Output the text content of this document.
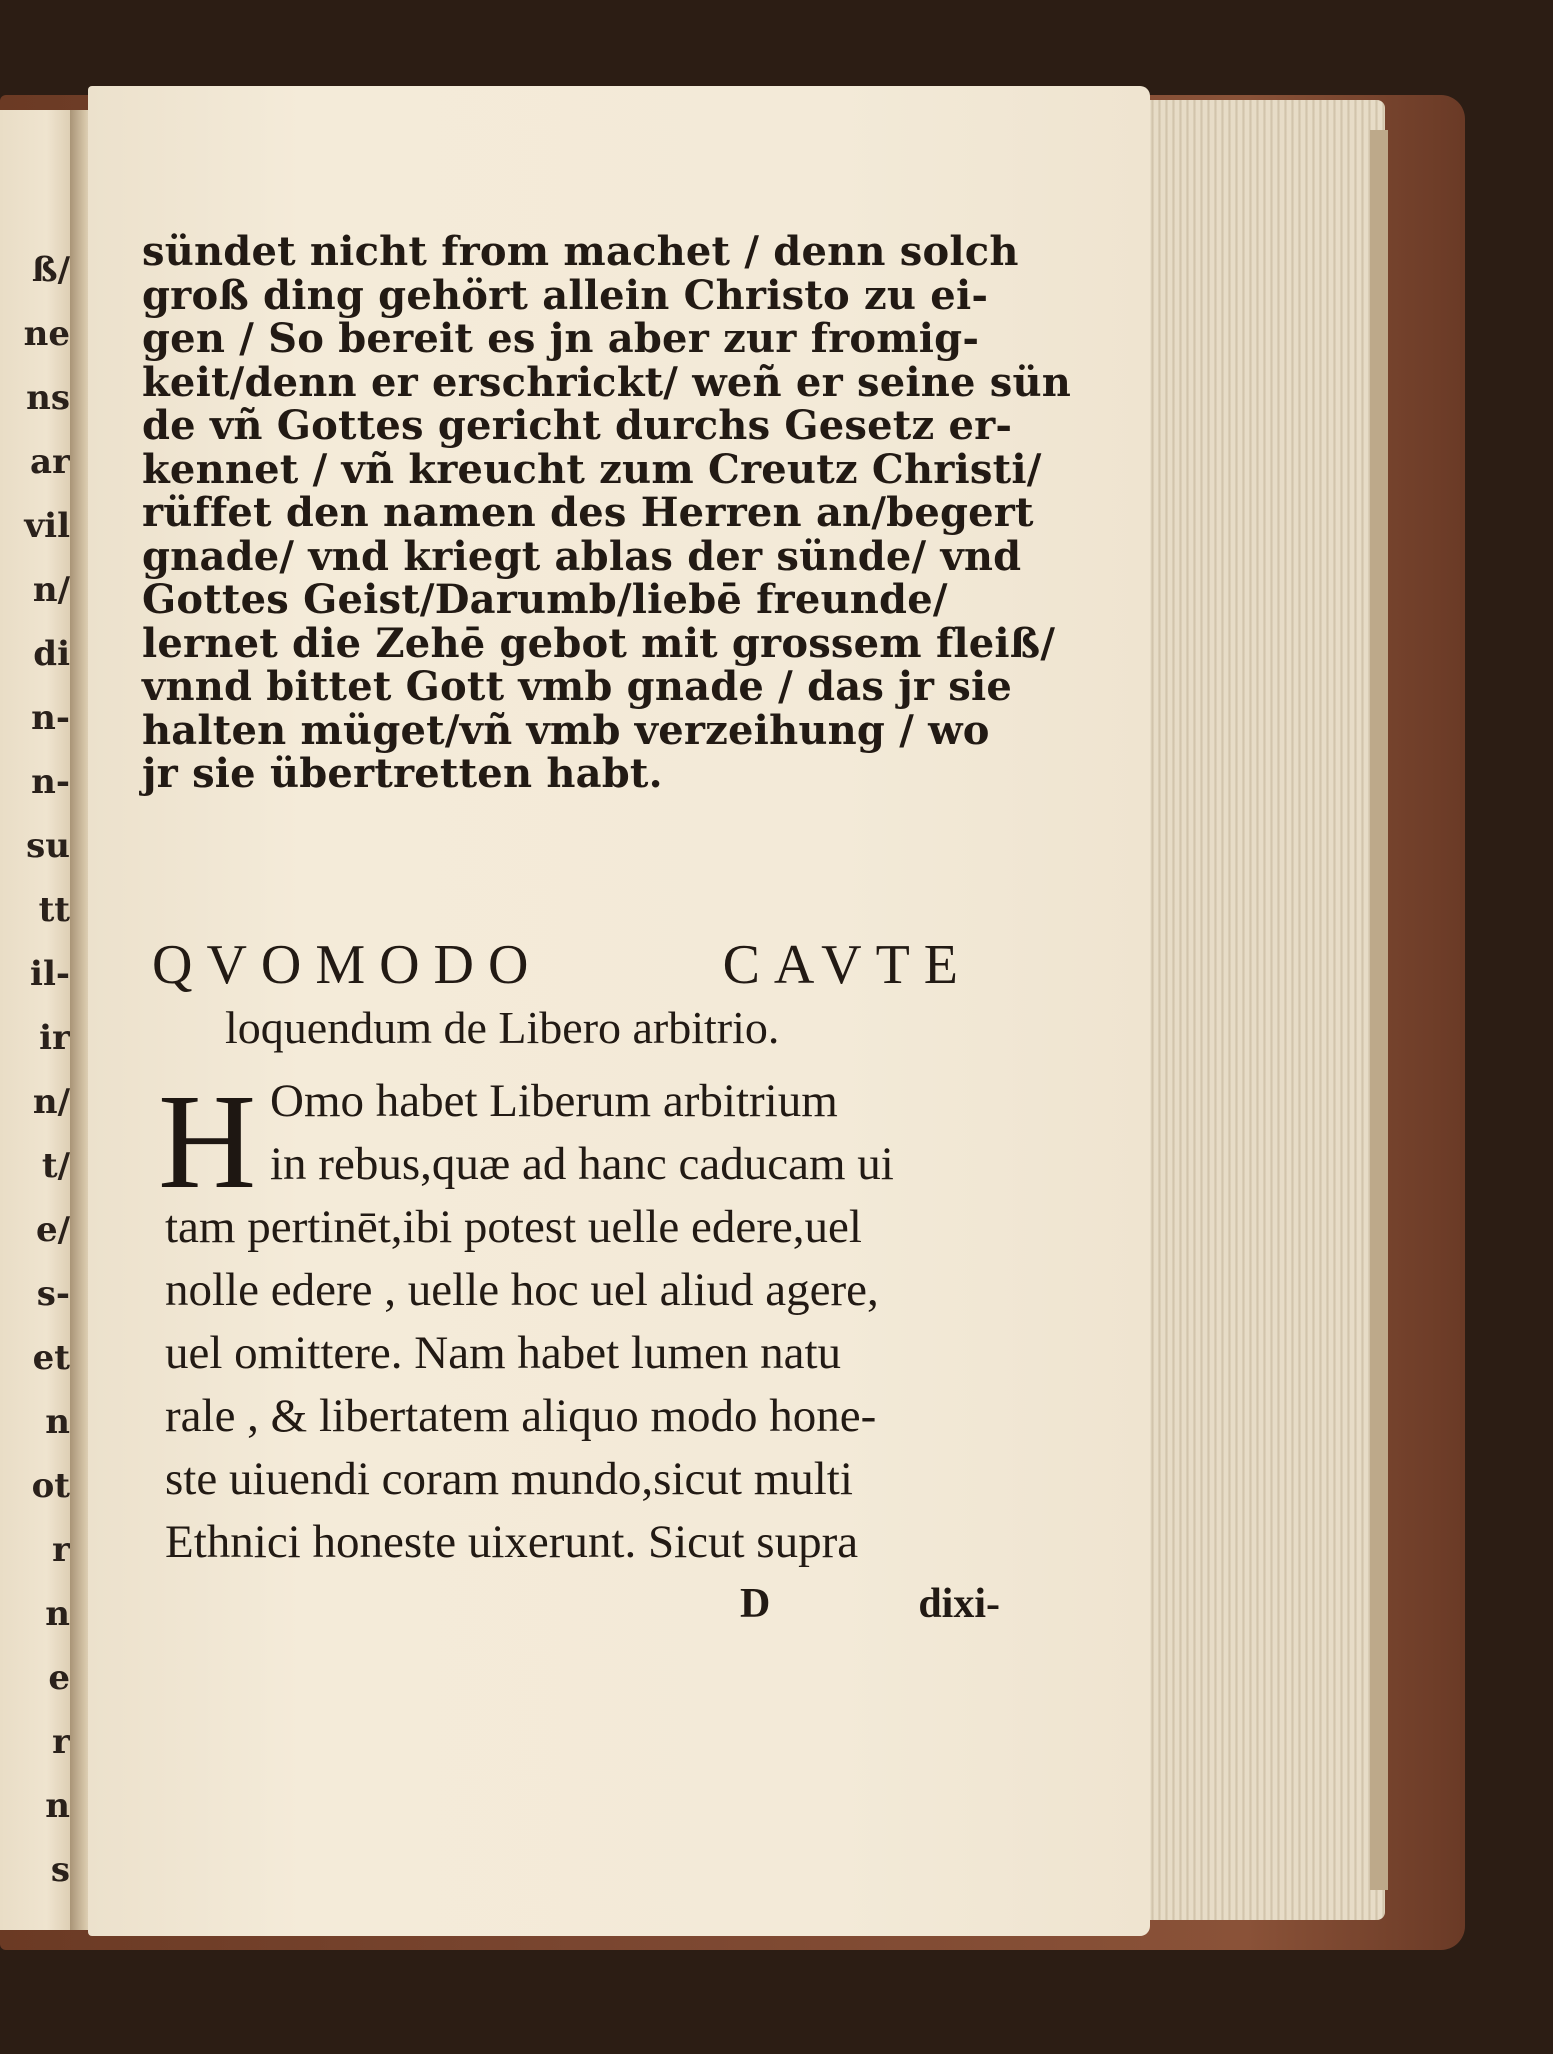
ß/
ne
ns
ar
vil
n/
di
n-
n-
su
tt
il-
ir
n/
t/
e/
s-
et
n
ot
r
n
e
r
n
s
sündet nicht from machet / denn solch
groß ding gehört allein Christo zu ei-
gen / So bereit es jn aber zur fromig-
keit/denn er erschrickt/ weñ er seine sün
de vñ Gottes gericht durchs Gesetz er-
kennet / vñ kreucht zum Creutz Christi/
rüffet den namen des Herren an/begert
gnade/ vnd kriegt ablas der sünde/ vnd
Gottes Geist/Darumb/liebē freunde/
lernet die Zehē gebot mit grossem fleiß/
vnnd bittet Gott vmb gnade / das jr sie
halten müget/vñ vmb verzeihung / wo
jr sie übertretten habt.
QVOMODO	CAVTE
loquendum de Libero arbitrio.
H Omo habet Liberum arbitrium
in rebus,quæ ad hanc caducam ui
tam pertinēt,ibi potest uelle edere,uel
nolle edere , uelle hoc uel aliud agere,
uel omittere. Nam habet lumen natu
rale , & libertatem aliquo modo hone-
ste uiuendi coram mundo,sicut multi
Ethnici honeste uixerunt. Sicut supra
D	dixi-
